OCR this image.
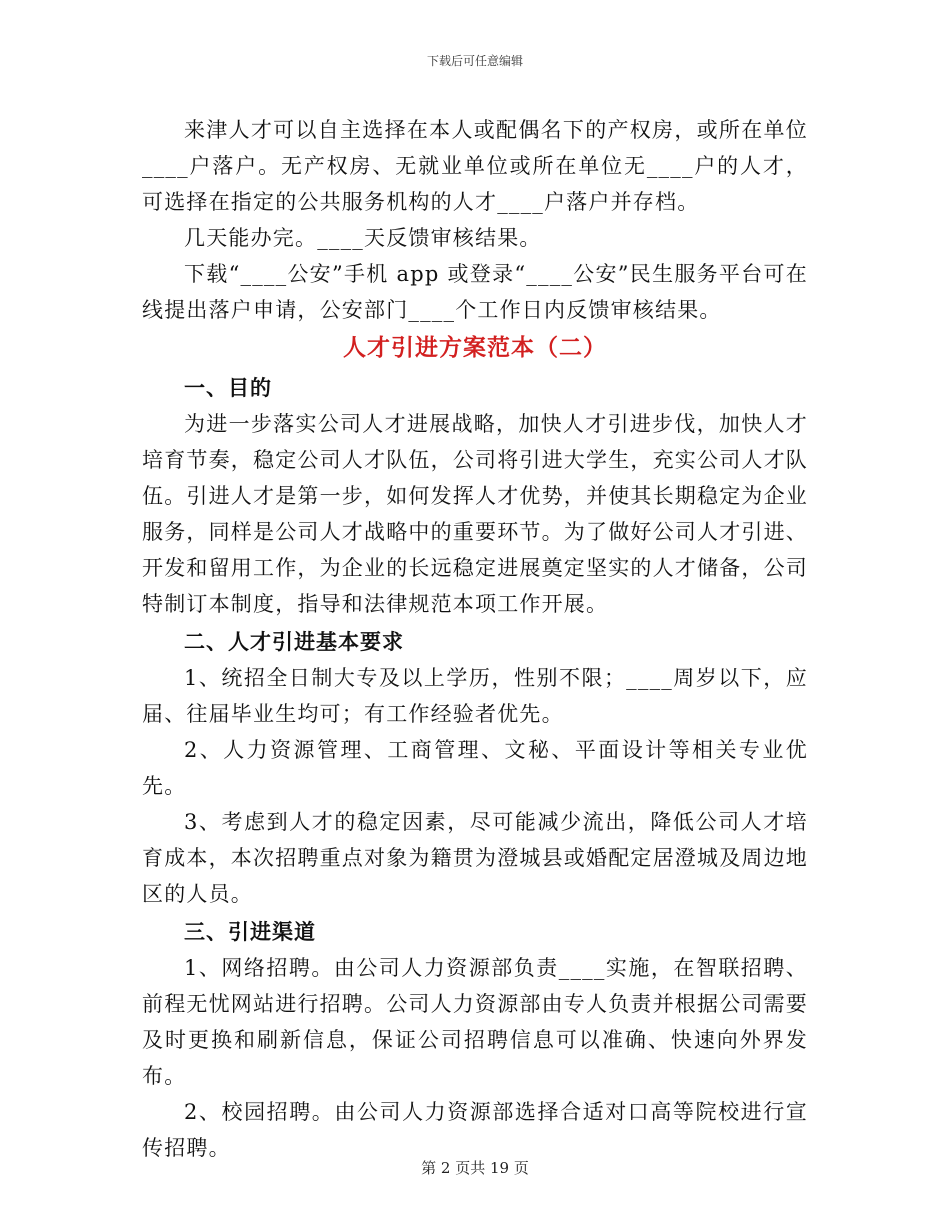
下载后可任意编辑

来津人才可以自主选择在本人或配偶名下的产权房，或所在单位____户落户。无产权房、无就业单位或所在单位无____户的人才，可选择在指定的公共服务机构的人才____户落户并存档。

几天能办完。____天反馈审核结果。

下载“____公安”手机 app 或登录“____公安”民生服务平台可在线提出落户申请，公安部门____个工作日内反馈审核结果。

人才引进方案范本（二）
一、目的

为进一步落实公司人才进展战略，加快人才引进步伐，加快人才培育节奏，稳定公司人才队伍，公司将引进大学生，充实公司人才队伍。引进人才是第一步，如何发挥人才优势，并使其长期稳定为企业服务，同样是公司人才战略中的重要环节。为了做好公司人才引进、开发和留用工作，为企业的长远稳定进展奠定坚实的人才储备，公司特制订本制度，指导和法律规范本项工作开展。

二、人才引进基本要求

1、统招全日制大专及以上学历，性别不限；____周岁以下，应届、往届毕业生均可；有工作经验者优先。

2、人力资源管理、工商管理、文秘、平面设计等相关专业优先。

3、考虑到人才的稳定因素，尽可能减少流出，降低公司人才培育成本，本次招聘重点对象为籍贯为澄城县或婚配定居澄城及周边地区的人员。

三、引进渠道

1、网络招聘。由公司人力资源部负责____实施，在智联招聘、前程无忧网站进行招聘。公司人力资源部由专人负责并根据公司需要及时更换和刷新信息，保证公司招聘信息可以准确、快速向外界发布。

2、校园招聘。由公司人力资源部选择合适对口高等院校进行宣传招聘。

第 2 页共 19 页
